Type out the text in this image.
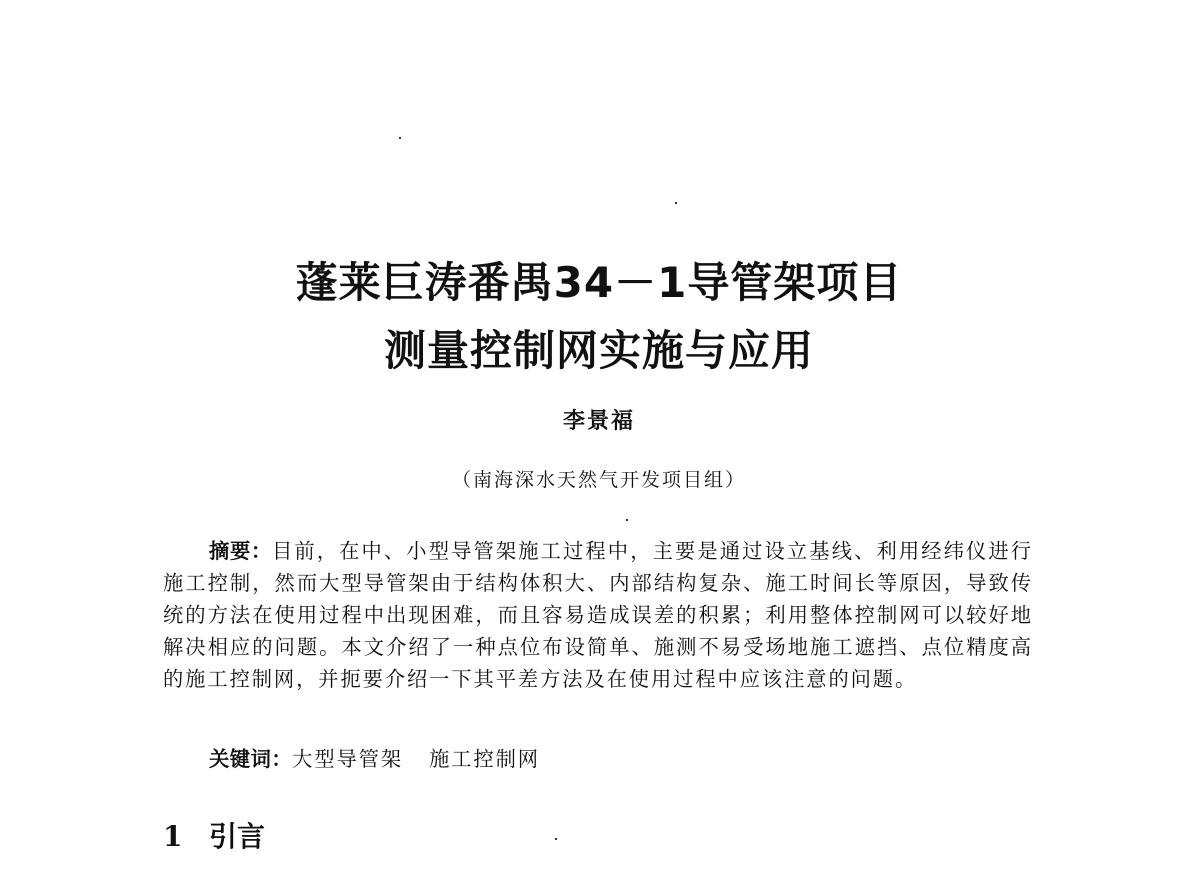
蓬莱巨涛番禺34－1导管架项目
测量控制网实施与应用
李景福
（南海深水天然气开发项目组）

摘要：目前，在中、小型导管架施工过程中，主要是通过设立基线、利用经纬仪进行施工控制，然而大型导管架由于结构体积大、内部结构复杂、施工时间长等原因，导致传统的方法在使用过程中出现困难，而且容易造成误差的积累；利用整体控制网可以较好地解决相应的问题。本文介绍了一种点位布设简单、施测不易受场地施工遮挡、点位精度高的施工控制网，并扼要介绍一下其平差方法及在使用过程中应该注意的问题。

关键词：大型导管架 施工控制网

1 引言
